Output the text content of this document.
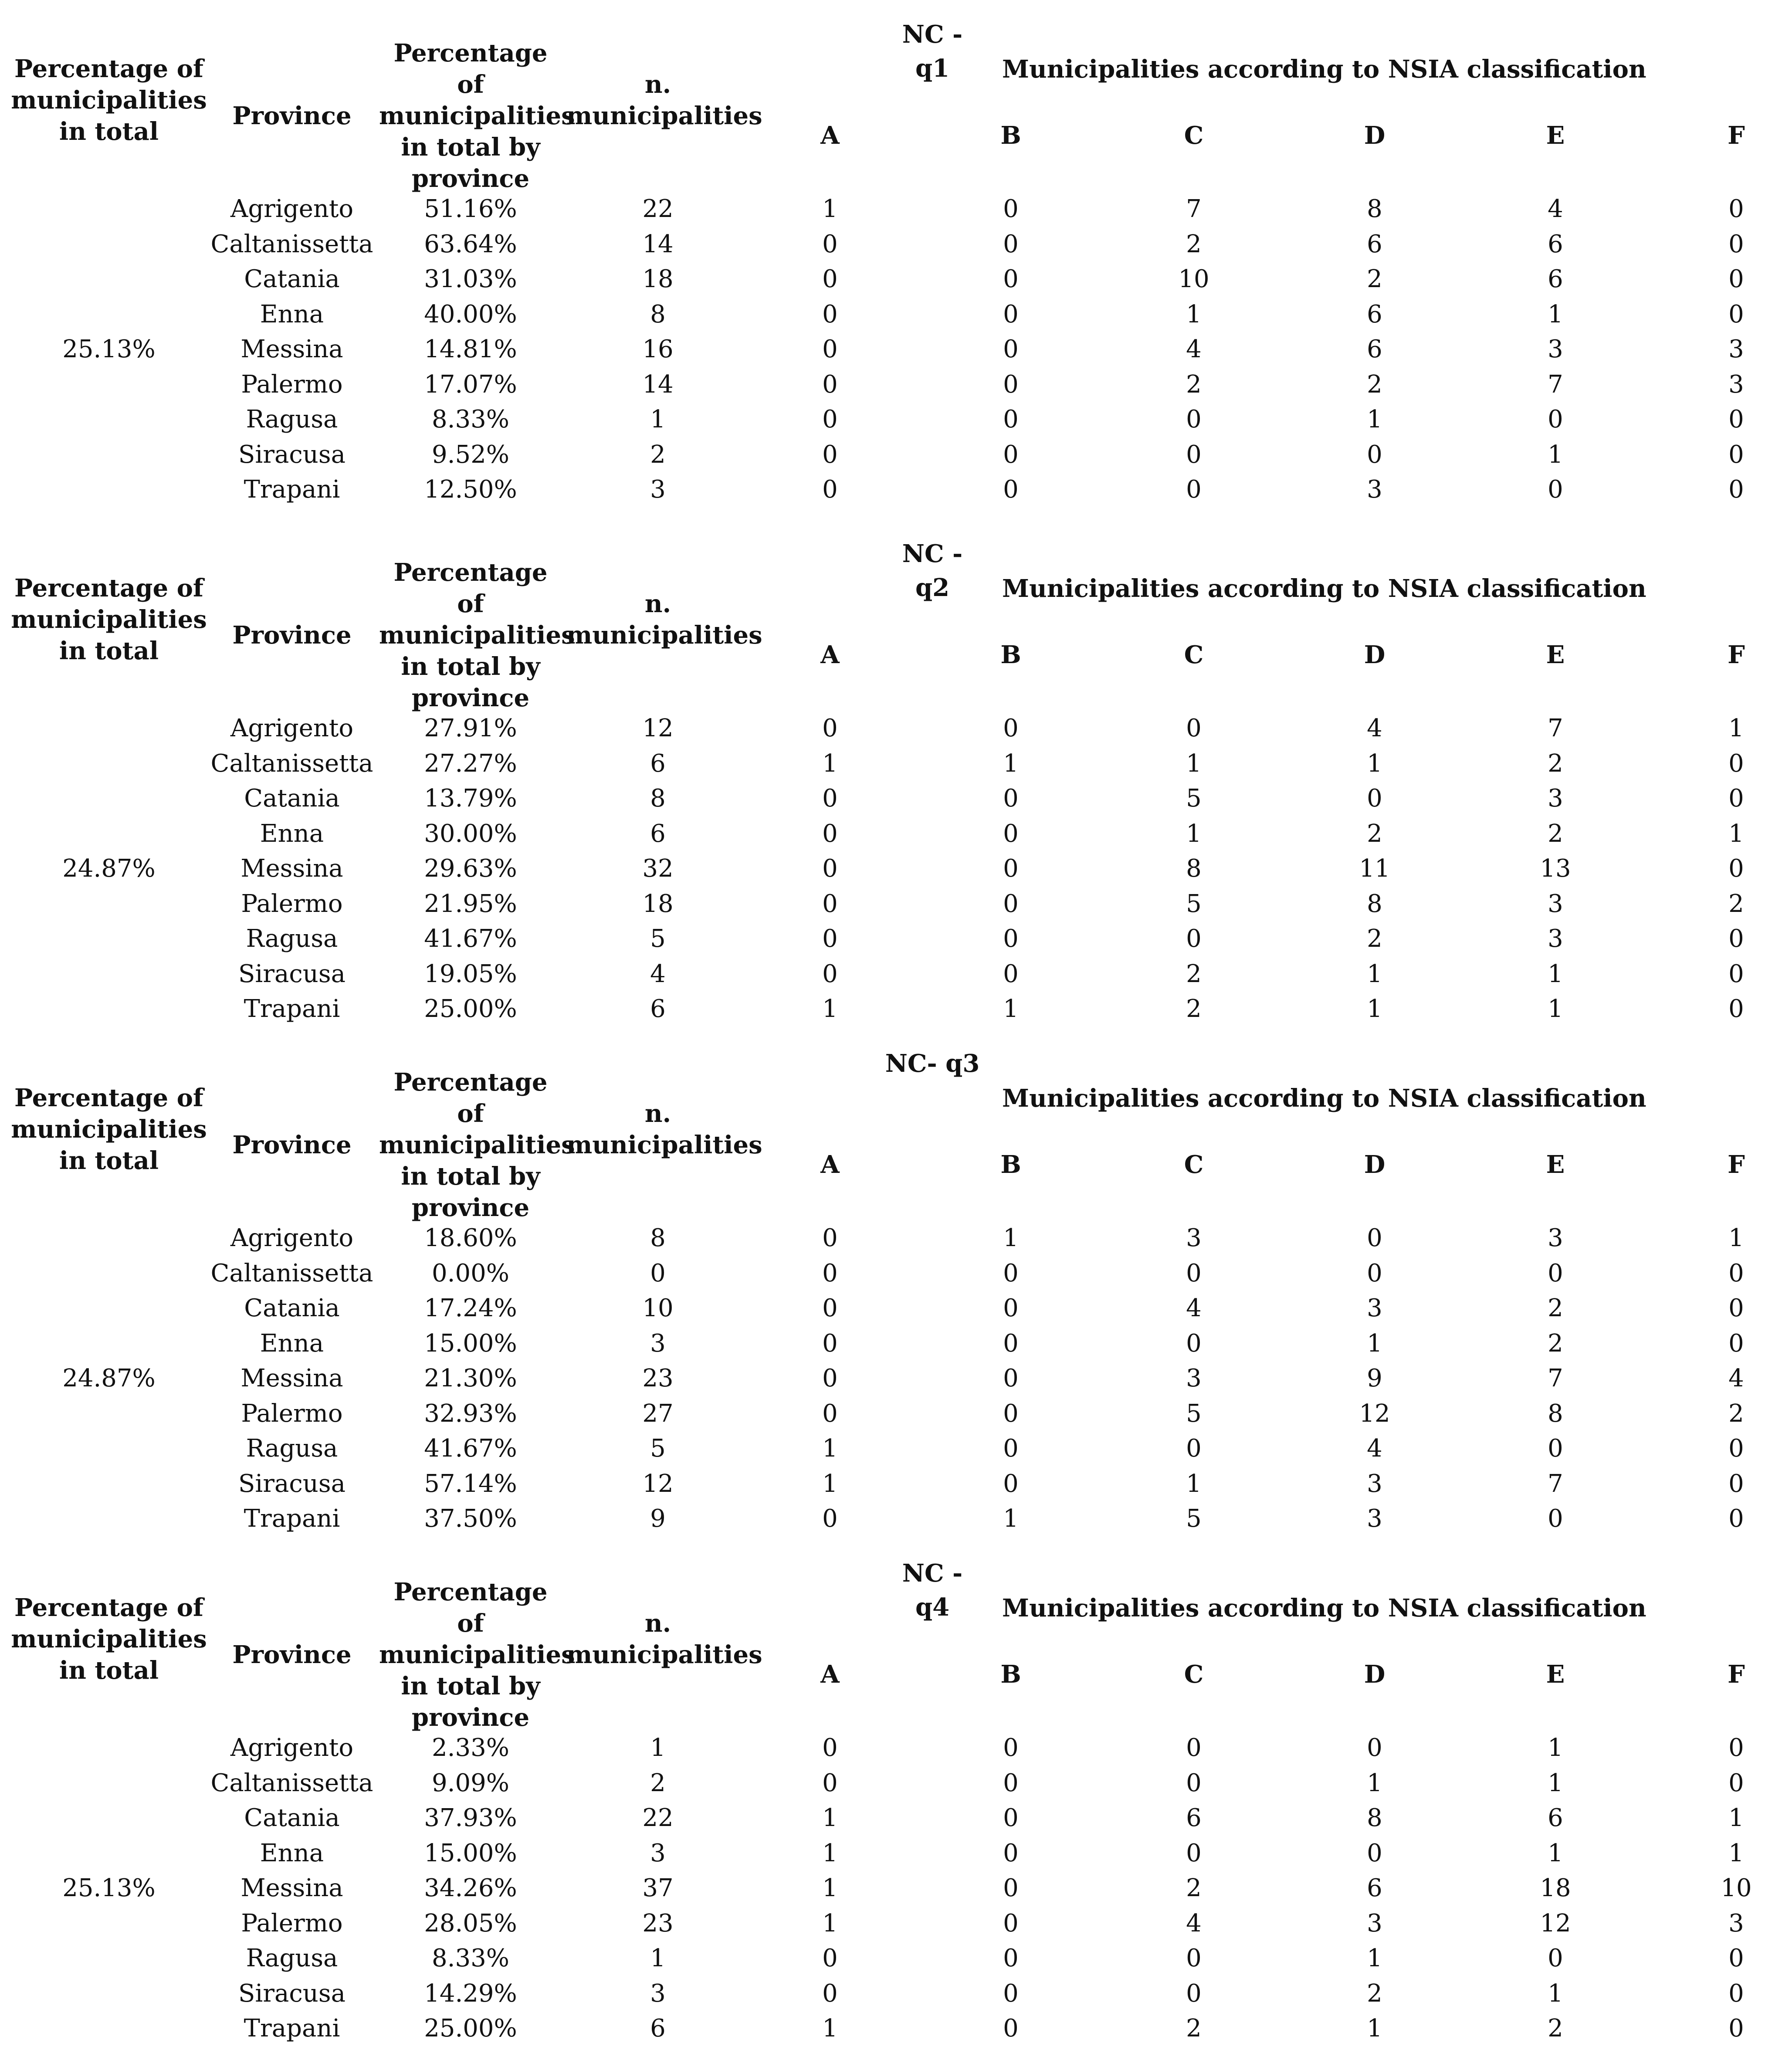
NC - q1	Municipalities according to NSIA classification
Percentage of municipalities in total
Province
Percentage of municipalities in total by province
n. municipalities
A	B	C	D	E	F
25.13%
Agrigento	51.16%	22	1	0	7	8	4	0
Caltanissetta	63.64%	14	0	0	2	6	6	0
Catania	31.03%	18	0	0	10	2	6	0
Enna	40.00%	8	0	0	1	6	1	0
Messina	14.81%	16	0	0	4	6	3	3
Palermo	17.07%	14	0	0	2	2	7	3
Ragusa	8.33%	1	0	0	0	1	0	0
Siracusa	9.52%	2	0	0	0	0	1	0
Trapani	12.50%	3	0	0	0	3	0	0
NC - q2	Municipalities according to NSIA classification
Percentage of municipalities in total
Province
Percentage of municipalities in total by province
n. municipalities
A	B	C	D	E	F
24.87%
Agrigento	27.91%	12	0	0	0	4	7	1
Caltanissetta	27.27%	6	1	1	1	1	2	0
Catania	13.79%	8	0	0	5	0	3	0
Enna	30.00%	6	0	0	1	2	2	1
Messina	29.63%	32	0	0	8	11	13	0
Palermo	21.95%	18	0	0	5	8	3	2
Ragusa	41.67%	5	0	0	0	2	3	0
Siracusa	19.05%	4	0	0	2	1	1	0
Trapani	25.00%	6	1	1	2	1	1	0
NC- q3
Municipalities according to NSIA classification
Percentage of municipalities in total
Province
Percentage of municipalities in total by province
n. municipalities
A	B	C	D	E	F
24.87%
Agrigento	18.60%	8	0	1	3	0	3	1
Caltanissetta	0.00%	0	0	0	0	0	0	0
Catania	17.24%	10	0	0	4	3	2	0
Enna	15.00%	3	0	0	0	1	2	0
Messina	21.30%	23	0	0	3	9	7	4
Palermo	32.93%	27	0	0	5	12	8	2
Ragusa	41.67%	5	1	0	0	4	0	0
Siracusa	57.14%	12	1	0	1	3	7	0
Trapani	37.50%	9	0	1	5	3	0	0
NC - q4	Municipalities according to NSIA classification
Percentage of municipalities in total
Province
Percentage of municipalities in total by province
n. municipalities
A	B	C	D	E	F
25.13%
Agrigento	2.33%	1	0	0	0	0	1	0
Caltanissetta	9.09%	2	0	0	0	1	1	0
Catania	37.93%	22	1	0	6	8	6	1
Enna	15.00%	3	1	0	0	0	1	1
Messina	34.26%	37	1	0	2	6	18	10
Palermo	28.05%	23	1	0	4	3	12	3
Ragusa	8.33%	1	0	0	0	1	0	0
Siracusa	14.29%	3	0	0	0	2	1	0
Trapani	25.00%	6	1	0	2	1	2	0
